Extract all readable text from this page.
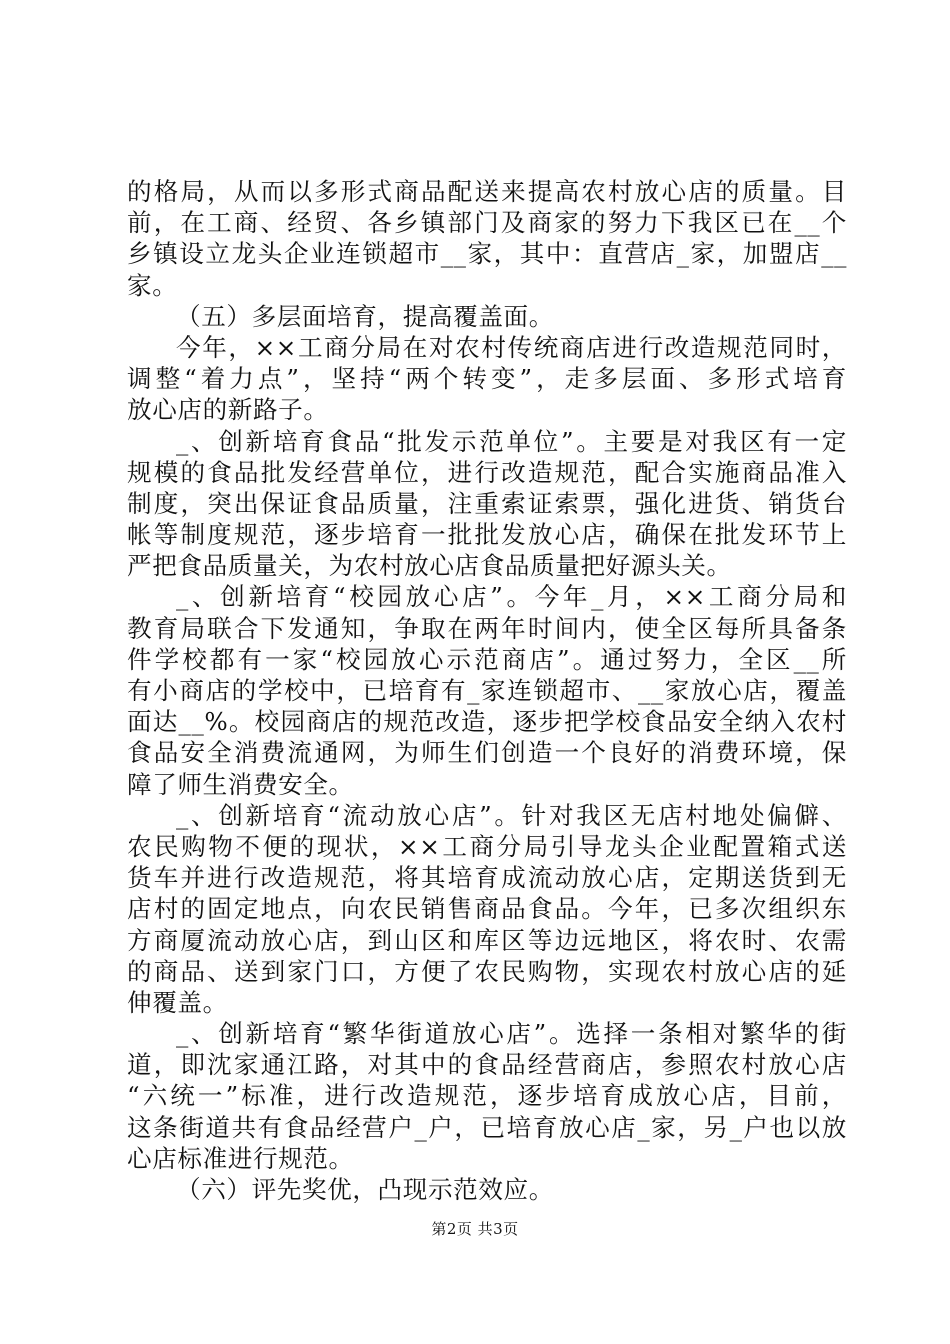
的格局，从而以多形式商品配送来提高农村放心店的质量。目
前，在工商、经贸、各乡镇部门及商家的努力下我区已在__个
乡镇设立龙头企业连锁超市__家，其中：直营店_家，加盟店__
家。
（五）多层面培育，提高覆盖面。
今年，××工商分局在对农村传统商店进行改造规范同时，
调整“着力点”，坚持“两个转变”，走多层面、多形式培育
放心店的新路子。
_、创新培育食品“批发示范单位”。主要是对我区有一定
规模的食品批发经营单位，进行改造规范，配合实施商品准入
制度，突出保证食品质量，注重索证索票，强化进货、销货台
帐等制度规范，逐步培育一批批发放心店，确保在批发环节上
严把食品质量关，为农村放心店食品质量把好源头关。
_、创新培育“校园放心店”。今年_月，××工商分局和
教育局联合下发通知，争取在两年时间内，使全区每所具备条
件学校都有一家“校园放心示范商店”。通过努力，全区__所
有小商店的学校中，已培育有_家连锁超市、__家放心店，覆盖
面达__%。校园商店的规范改造，逐步把学校食品安全纳入农村
食品安全消费流通网，为师生们创造一个良好的消费环境，保
障了师生消费安全。
_、创新培育“流动放心店”。针对我区无店村地处偏僻、
农民购物不便的现状，××工商分局引导龙头企业配置箱式送
货车并进行改造规范，将其培育成流动放心店，定期送货到无
店村的固定地点，向农民销售商品食品。今年，已多次组织东
方商厦流动放心店，到山区和库区等边远地区，将农时、农需
的商品、送到家门口，方便了农民购物，实现农村放心店的延
伸覆盖。
_、创新培育“繁华街道放心店”。选择一条相对繁华的街
道，即沈家通江路，对其中的食品经营商店，参照农村放心店
“六统一”标准，进行改造规范，逐步培育成放心店，目前，
这条街道共有食品经营户_户，已培育放心店_家，另_户也以放
心店标准进行规范。
（六）评先奖优，凸现示范效应。
第2页 共3页
